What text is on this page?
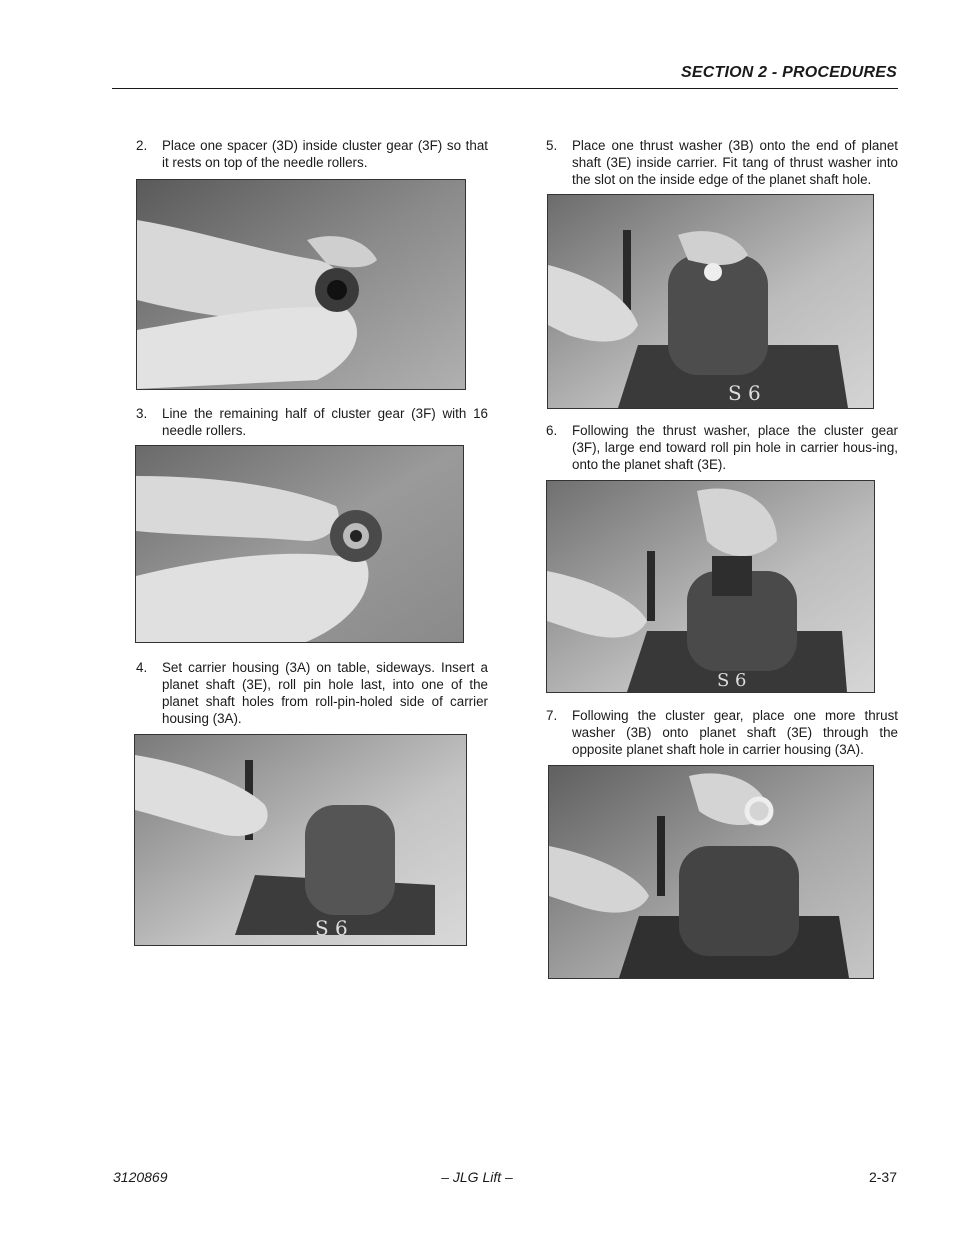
SECTION 2 - PROCEDURES
2. Place one spacer (3D) inside cluster gear (3F) so that it rests on top of the needle rollers.
3. Line the remaining half of cluster gear (3F) with 16 needle rollers.
4. Set carrier housing (3A) on table, sideways. Insert a planet shaft (3E), roll pin hole last, into one of the planet shaft holes from roll-pin-holed side of carrier housing (3A).
S 6
5. Place one thrust washer (3B) onto the end of planet shaft (3E) inside carrier. Fit tang of thrust washer into the slot on the inside edge of the planet shaft hole.
S 6
6. Following the thrust washer, place the cluster gear (3F), large end toward roll pin hole in carrier hous-ing, onto the planet shaft (3E).
S 6
7. Following the cluster gear, place one more thrust washer (3B) onto planet shaft (3E) through the opposite planet shaft hole in carrier housing (3A).
3120869	– JLG Lift –	2-37
